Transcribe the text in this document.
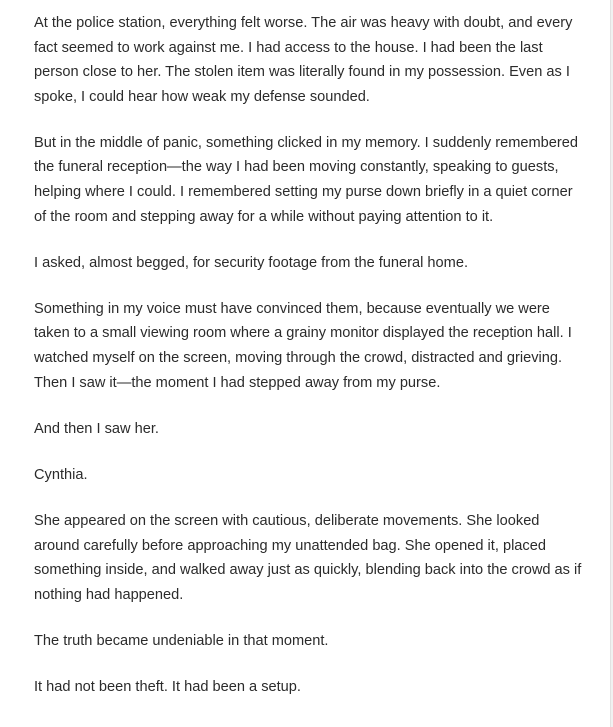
At the police station, everything felt worse. The air was heavy with doubt, and every fact seemed to work against me. I had access to the house. I had been the last person close to her. The stolen item was literally found in my possession. Even as I spoke, I could hear how weak my defense sounded.

But in the middle of panic, something clicked in my memory. I suddenly remembered the funeral reception—the way I had been moving constantly, speaking to guests, helping where I could. I remembered setting my purse down briefly in a quiet corner of the room and stepping away for a while without paying attention to it.

I asked, almost begged, for security footage from the funeral home.

Something in my voice must have convinced them, because eventually we were taken to a small viewing room where a grainy monitor displayed the reception hall. I watched myself on the screen, moving through the crowd, distracted and grieving. Then I saw it—the moment I had stepped away from my purse.

And then I saw her.

Cynthia.

She appeared on the screen with cautious, deliberate movements. She looked around carefully before approaching my unattended bag. She opened it, placed something inside, and walked away just as quickly, blending back into the crowd as if nothing had happened.

The truth became undeniable in that moment.

It had not been theft. It had been a setup.
